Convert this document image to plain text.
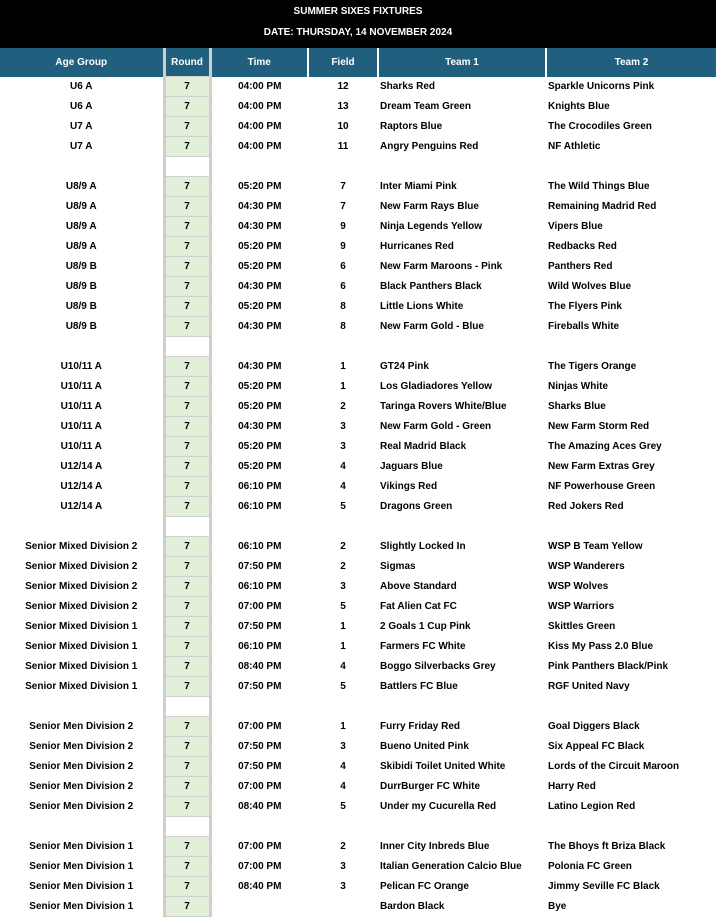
SUMMER SIXES FIXTURES
DATE: THURSDAY, 14 NOVEMBER 2024
Age Group	Round	Time	Field	Team 1	Team 2
U6 A	7	04:00 PM	12	Sharks Red	Sparkle Unicorns Pink
U6 A	7	04:00 PM	13	Dream Team Green	Knights Blue
U7 A	7	04:00 PM	10	Raptors Blue	The Crocodiles Green
U7 A	7	04:00 PM	11	Angry Penguins Red	NF Athletic

U8/9 A	7	05:20 PM	7	Inter Miami Pink	The Wild Things Blue
U8/9 A	7	04:30 PM	7	New Farm Rays Blue	Remaining Madrid Red
U8/9 A	7	04:30 PM	9	Ninja Legends Yellow	Vipers Blue
U8/9 A	7	05:20 PM	9	Hurricanes Red	Redbacks Red
U8/9 B	7	05:20 PM	6	New Farm Maroons - Pink	Panthers Red
U8/9 B	7	04:30 PM	6	Black Panthers Black	Wild Wolves Blue
U8/9 B	7	05:20 PM	8	Little Lions White	The Flyers Pink
U8/9 B	7	04:30 PM	8	New Farm Gold - Blue	Fireballs White

U10/11 A	7	04:30 PM	1	GT24 Pink	The Tigers Orange
U10/11 A	7	05:20 PM	1	Los Gladiadores Yellow	Ninjas White
U10/11 A	7	05:20 PM	2	Taringa Rovers White/Blue	Sharks Blue
U10/11 A	7	04:30 PM	3	New Farm Gold - Green	New Farm Storm Red
U10/11 A	7	05:20 PM	3	Real Madrid Black	The Amazing Aces Grey
U12/14 A	7	05:20 PM	4	Jaguars Blue	New Farm Extras Grey
U12/14 A	7	06:10 PM	4	Vikings Red	NF Powerhouse Green
U12/14 A	7	06:10 PM	5	Dragons Green	Red Jokers Red

Senior Mixed Division 2	7	06:10 PM	2	Slightly Locked In	WSP B Team Yellow
Senior Mixed Division 2	7	07:50 PM	2	Sigmas	WSP Wanderers
Senior Mixed Division 2	7	06:10 PM	3	Above Standard	WSP Wolves
Senior Mixed Division 2	7	07:00 PM	5	Fat Alien Cat FC	WSP Warriors
Senior Mixed Division 1	7	07:50 PM	1	2 Goals 1 Cup Pink	Skittles Green
Senior Mixed Division 1	7	06:10 PM	1	Farmers FC White	Kiss My Pass 2.0 Blue
Senior Mixed Division 1	7	08:40 PM	4	Boggo Silverbacks Grey	Pink Panthers Black/Pink
Senior Mixed Division 1	7	07:50 PM	5	Battlers FC Blue	RGF United Navy

Senior Men Division 2	7	07:00 PM	1	Furry Friday Red	Goal Diggers Black
Senior Men Division 2	7	07:50 PM	3	Bueno United Pink	Six Appeal FC Black
Senior Men Division 2	7	07:50 PM	4	Skibidi Toilet United White	Lords of the Circuit Maroon
Senior Men Division 2	7	07:00 PM	4	DurrBurger FC White	Harry Red
Senior Men Division 2	7	08:40 PM	5	Under my Cucurella Red	Latino Legion Red

Senior Men Division 1	7	07:00 PM	2	Inner City Inbreds Blue	The Bhoys ft Briza Black
Senior Men Division 1	7	07:00 PM	3	Italian Generation Calcio Blue	Polonia FC Green
Senior Men Division 1	7	08:40 PM	3	Pelican FC Orange	Jimmy Seville FC Black
Senior Men Division 1	7			Bardon Black	Bye
